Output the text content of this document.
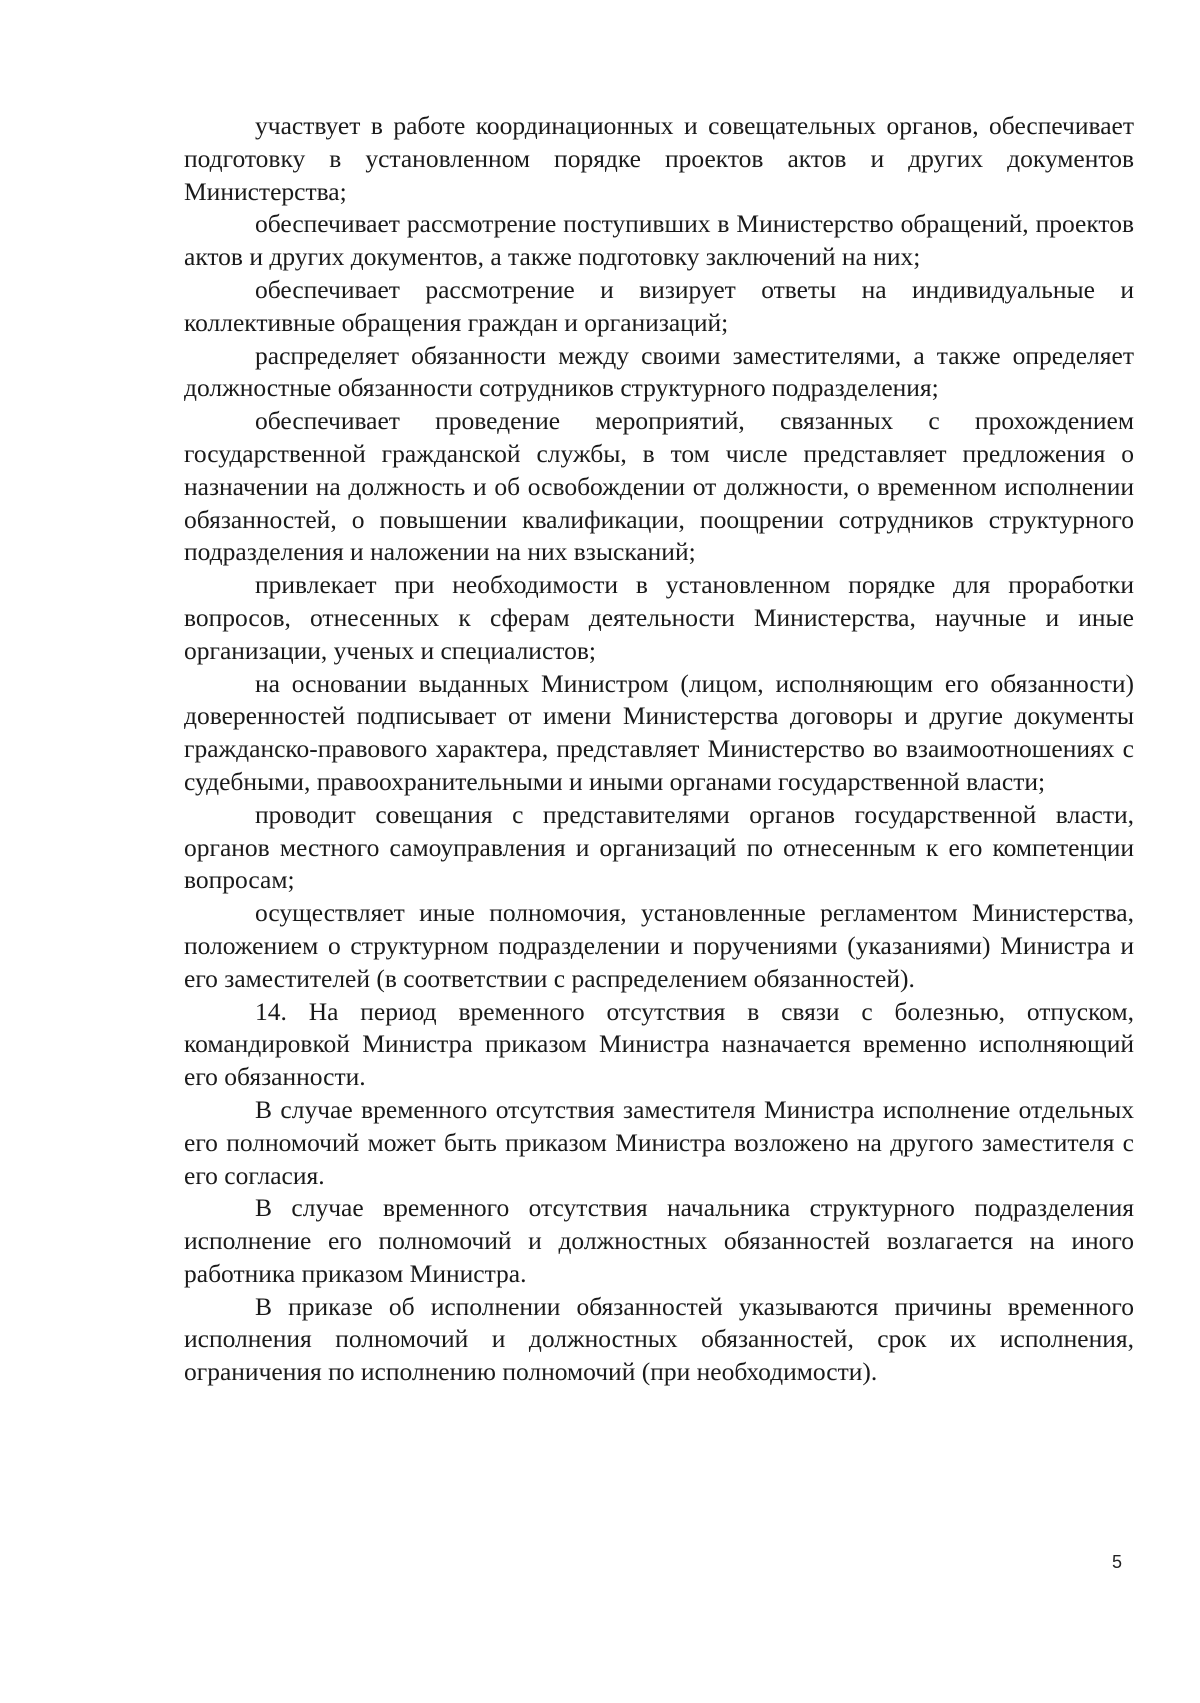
участвует в работе координационных и совещательных органов, обеспечивает подготовку в установленном порядке проектов актов и других документов Министерства;

обеспечивает рассмотрение поступивших в Министерство обращений, проектов актов и других документов, а также подготовку заключений на них;

обеспечивает рассмотрение и визирует ответы на индивидуальные и коллективные обращения граждан и организаций;

распределяет обязанности между своими заместителями, а также определяет должностные обязанности сотрудников структурного подразделения;

обеспечивает проведение мероприятий, связанных с прохождением государственной гражданской службы, в том числе представляет предложения о назначении на должность и об освобождении от должности, о временном исполнении обязанностей, о повышении квалификации, поощрении сотрудников структурного подразделения и наложении на них взысканий;

привлекает при необходимости в установленном порядке для проработки вопросов, отнесенных к сферам деятельности Министерства, научные и иные организации, ученых и специалистов;

на основании выданных Министром (лицом, исполняющим его обязанности) доверенностей подписывает от имени Министерства договоры и другие документы гражданско-правового характера, представляет Министерство во взаимоотношениях с судебными, правоохранительными и иными органами государственной власти;

проводит совещания с представителями органов государственной власти, органов местного самоуправления и организаций по отнесенным к его компетенции вопросам;

осуществляет иные полномочия, установленные регламентом Министерства, положением о структурном подразделении и поручениями (указаниями) Министра и его заместителей (в соответствии с распределением обязанностей).

14. На период временного отсутствия в связи с болезнью, отпуском, командировкой Министра приказом Министра назначается временно исполняющий его обязанности.

В случае временного отсутствия заместителя Министра исполнение отдельных его полномочий может быть приказом Министра возложено на другого заместителя с его согласия.

В случае временного отсутствия начальника структурного подразделения исполнение его полномочий и должностных обязанностей возлагается на иного работника приказом Министра.

В приказе об исполнении обязанностей указываются причины временного исполнения полномочий и должностных обязанностей, срок их исполнения, ограничения по исполнению полномочий (при необходимости).

5
